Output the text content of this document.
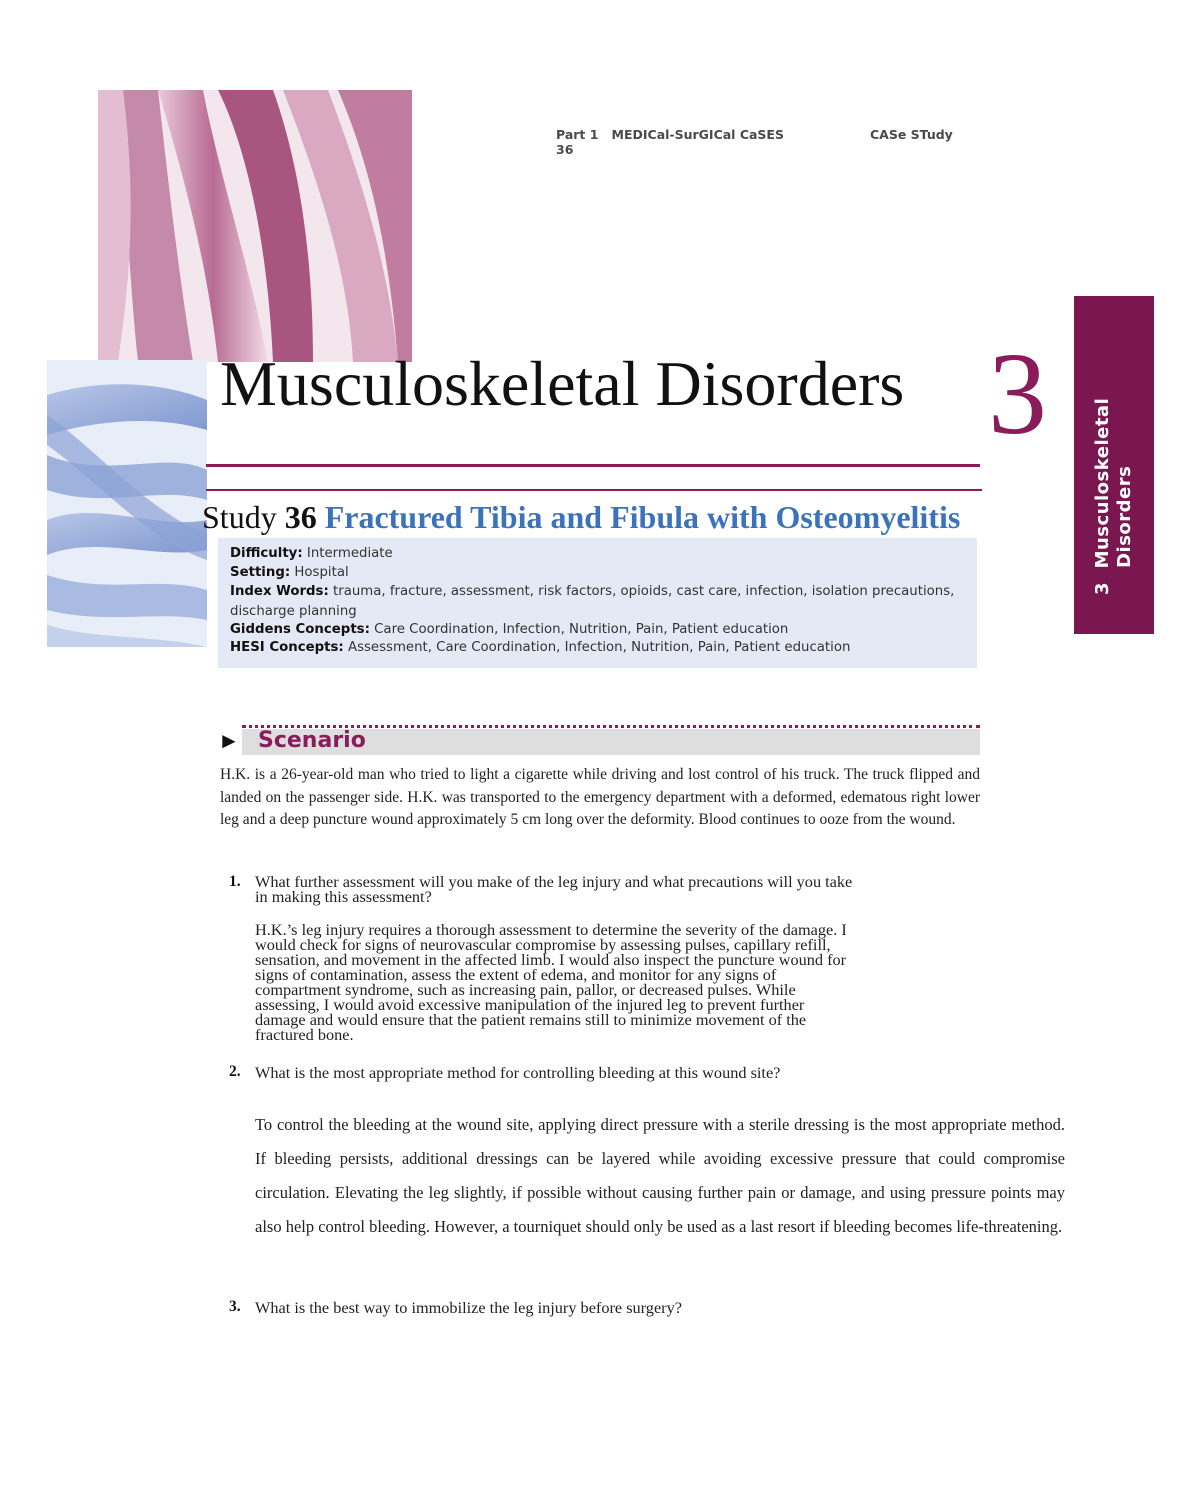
Part 1 MEDICal-SurGICal CaSES	CASe STudy

36
3  Musculoskeletal
Disorders
Musculoskeletal Disorders 3
Study 36 Fractured Tibia and Fibula with Osteomyelitis
Difficulty: Intermediate
Setting: Hospital
Index Words: trauma, fracture, assessment, risk factors, opioids, cast care, infection, isolation precautions,
discharge planning
Giddens Concepts: Care Coordination, Infection, Nutrition, Pain, Patient education
HESI Concepts: Assessment, Care Coordination, Infection, Nutrition, Pain, Patient education
► Scenario
H.K. is a 26-year-old man who tried to light a cigarette while driving and lost control of his truck. The truck flipped and landed on the passenger side. H.K. was transported to the emergency department with a deformed, edematous right lower leg and a deep puncture wound approximately 5 cm long over the deformity. Blood continues to ooze from the wound.
1. What further assessment will you make of the leg injury and what precautions will you take
in making this assessment?
H.K.’s leg injury requires a thorough assessment to determine the severity of the damage. I
would check for signs of neurovascular compromise by assessing pulses, capillary refill,
sensation, and movement in the affected limb. I would also inspect the puncture wound for
signs of contamination, assess the extent of edema, and monitor for any signs of
compartment syndrome, such as increasing pain, pallor, or decreased pulses. While
assessing, I would avoid excessive manipulation of the injured leg to prevent further
damage and would ensure that the patient remains still to minimize movement of the
fractured bone.
2. What is the most appropriate method for controlling bleeding at this wound site?
To control the bleeding at the wound site, applying direct pressure with a sterile dressing is the most appropriate method. If bleeding persists, additional dressings can be layered while avoiding excessive pressure that could compromise circulation. Elevating the leg slightly, if possible without causing further pain or damage, and using pressure points may also help control bleeding. However, a tourniquet should only be used as a last resort if bleeding becomes life-threatening.
3. What is the best way to immobilize the leg injury before surgery?
